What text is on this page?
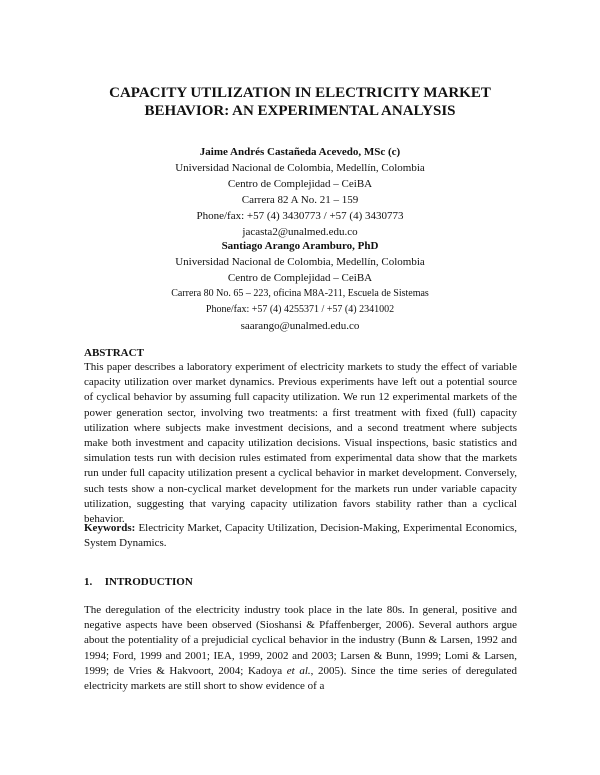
CAPACITY UTILIZATION IN ELECTRICITY MARKET
BEHAVIOR: AN EXPERIMENTAL ANALYSIS
Jaime Andrés Castañeda Acevedo, MSc (c)
Universidad Nacional de Colombia, Medellín, Colombia
Centro de Complejidad – CeiBA
Carrera 82 A No. 21 – 159
Phone/fax: +57 (4) 3430773 / +57 (4) 3430773
jacasta2@unalmed.edu.co
Santiago Arango Aramburo, PhD
Universidad Nacional de Colombia, Medellín, Colombia
Centro de Complejidad – CeiBA
Carrera 80 No. 65 – 223, oficina M8A-211, Escuela de Sistemas
Phone/fax: +57 (4) 4255371 / +57 (4) 2341002
saarango@unalmed.edu.co
ABSTRACT
This paper describes a laboratory experiment of electricity markets to study the effect of variable capacity utilization over market dynamics. Previous experiments have left out a potential source of cyclical behavior by assuming full capacity utilization. We run 12 experimental markets of the power generation sector, involving two treatments: a first treatment with fixed (full) capacity utilization where subjects make investment decisions, and a second treatment where subjects make both investment and capacity utilization decisions. Visual inspections, basic statistics and simulation tests run with decision rules estimated from experimental data show that the markets run under full capacity utilization present a cyclical behavior in market development. Conversely, such tests show a non-cyclical market development for the markets run under variable capacity utilization, suggesting that varying capacity utilization favors stability rather than a cyclical behavior.
Keywords: Electricity Market, Capacity Utilization, Decision-Making, Experimental Economics, System Dynamics.
1. INTRODUCTION
The deregulation of the electricity industry took place in the late 80s. In general, positive and negative aspects have been observed (Sioshansi & Pfaffenberger, 2006). Several authors argue about the potentiality of a prejudicial cyclical behavior in the industry (Bunn & Larsen, 1992 and 1994; Ford, 1999 and 2001; IEA, 1999, 2002 and 2003; Larsen & Bunn, 1999; Lomi & Larsen, 1999; de Vries & Hakvoort, 2004; Kadoya et al., 2005). Since the time series of deregulated electricity markets are still short to show evidence of a
